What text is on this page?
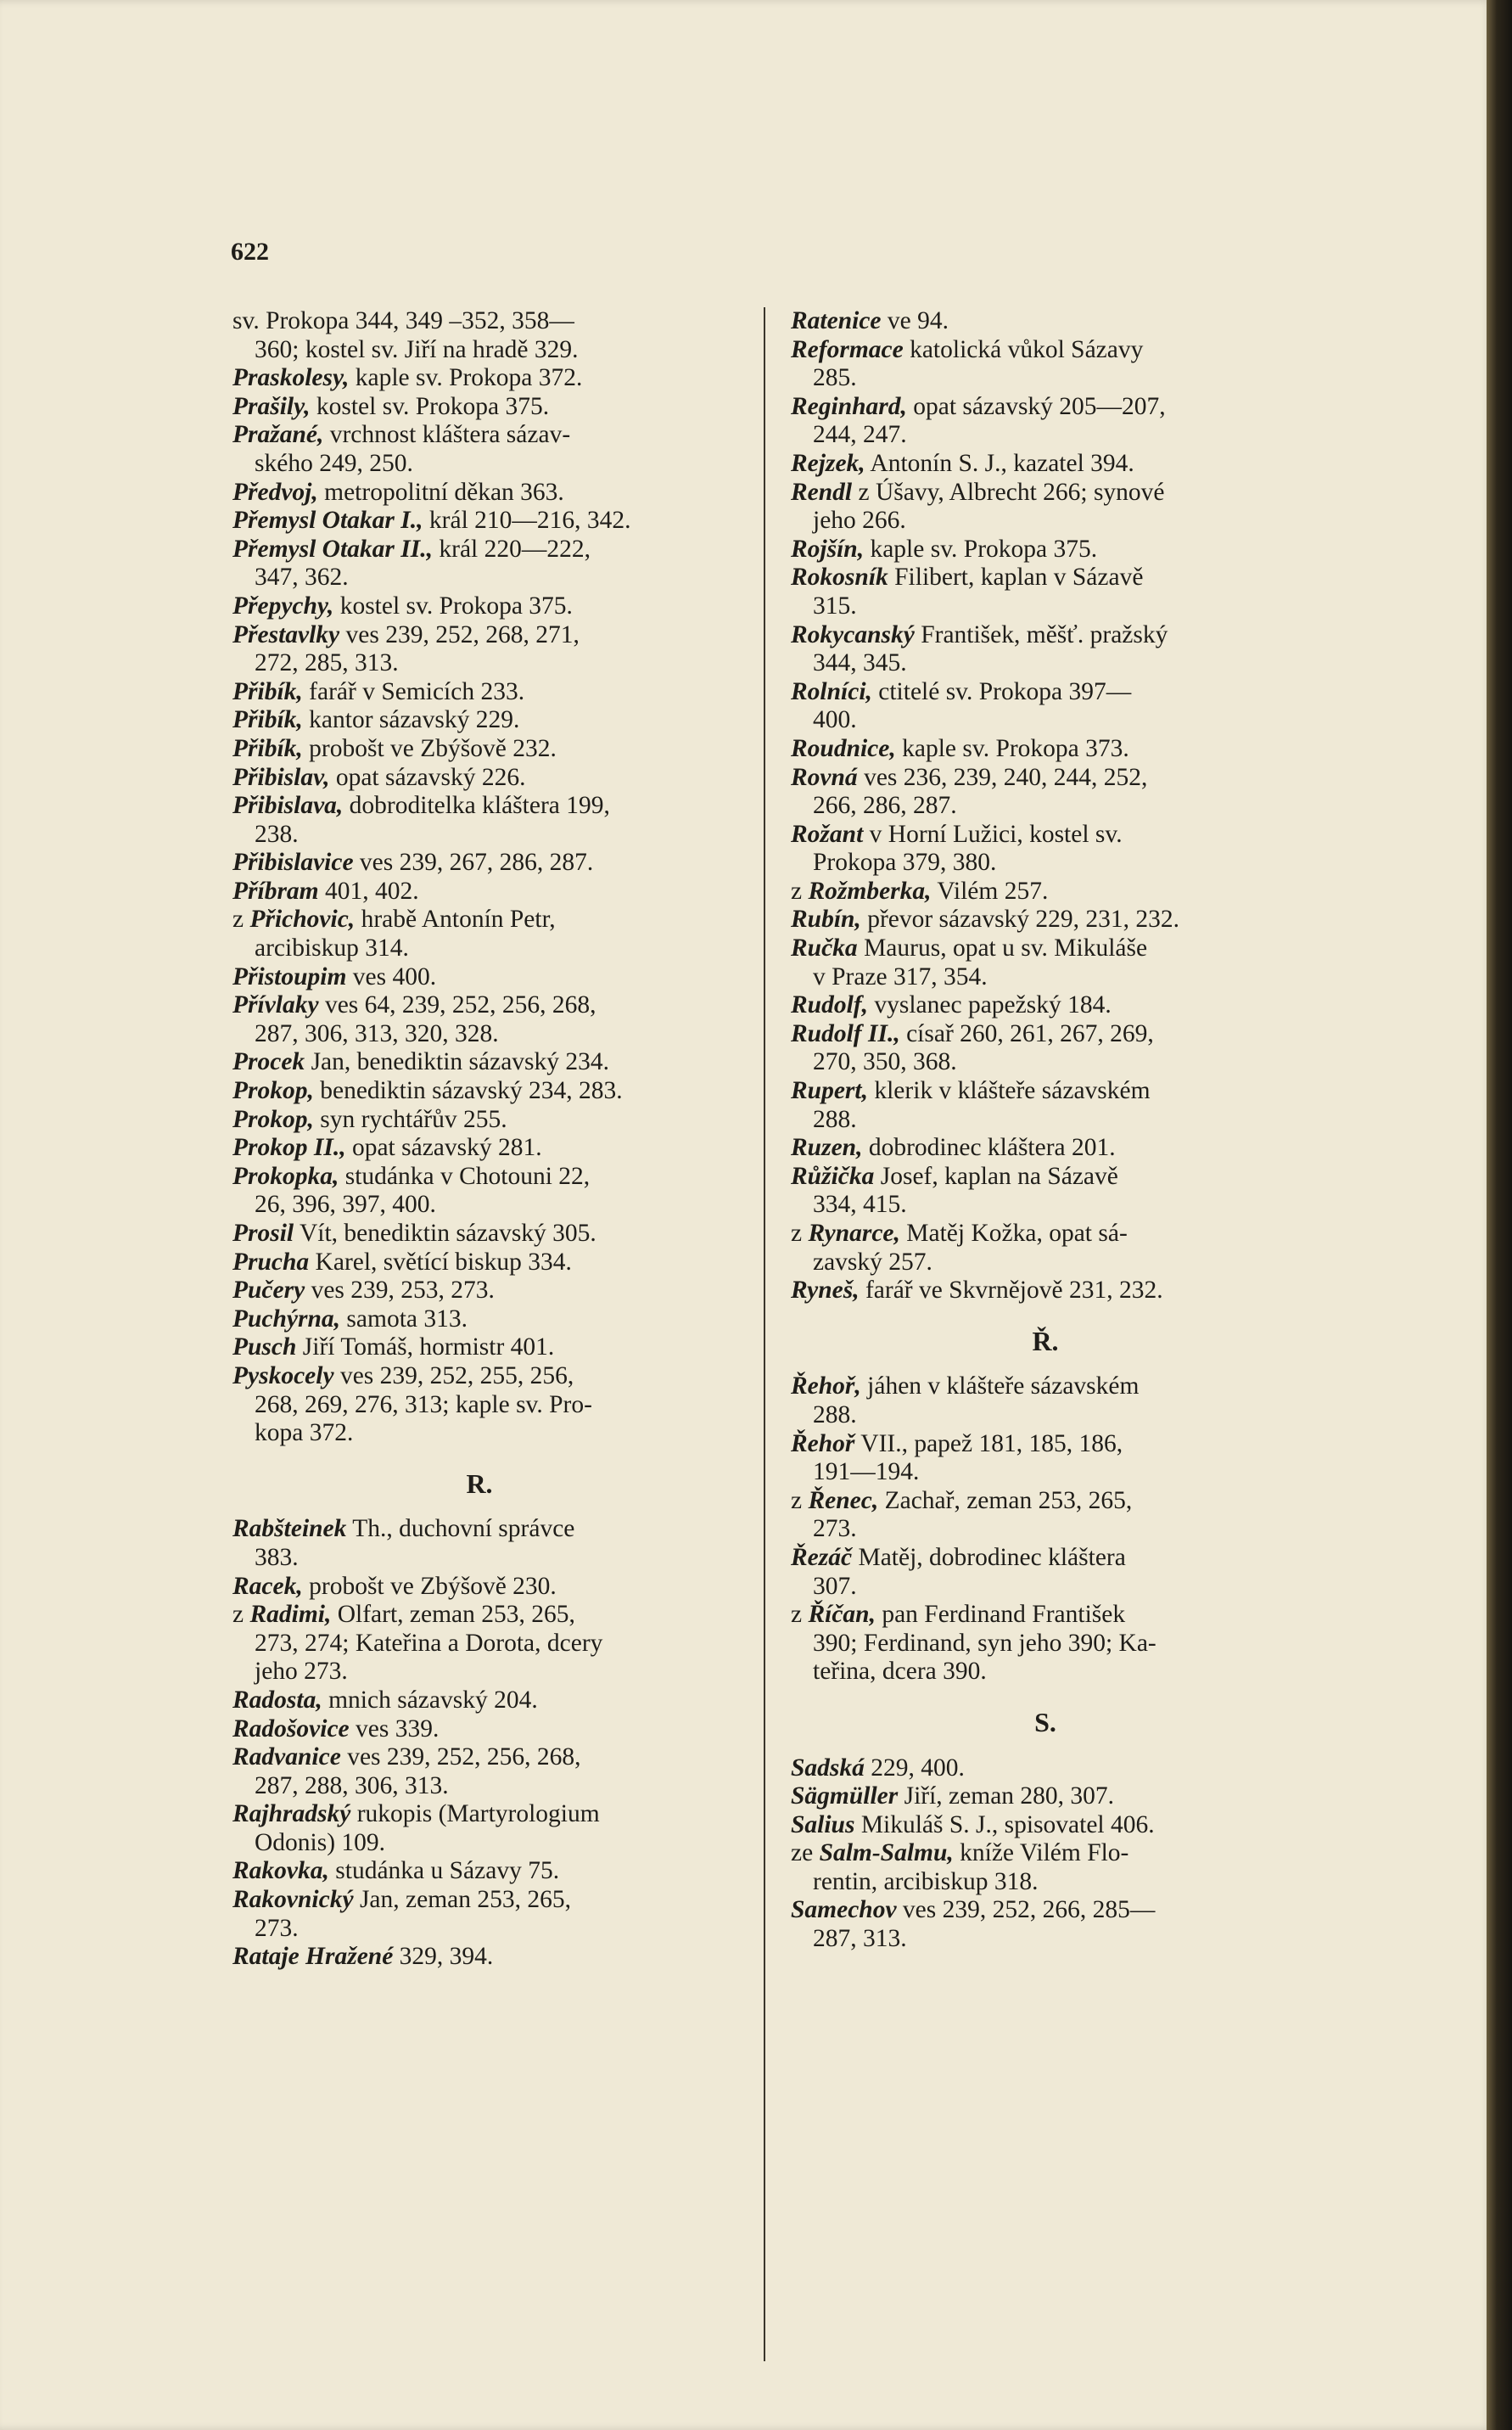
622
sv. Prokopa 344, 349 –352, 358—
360; kostel sv. Jiří na hradě 329.
Praskolesy, kaple sv. Prokopa 372.
Prašily, kostel sv. Prokopa 375.
Pražané, vrchnost kláštera sázav-
ského 249, 250.
Předvoj, metropolitní děkan 363.
Přemysl Otakar I., král 210—216, 342.
Přemysl Otakar II., král 220—222,
347, 362.
Přepychy, kostel sv. Prokopa 375.
Přestavlky ves 239, 252, 268, 271,
272, 285, 313.
Přibík, farář v Semicích 233.
Přibík, kantor sázavský 229.
Přibík, probošt ve Zbýšově 232.
Přibislav, opat sázavský 226.
Přibislava, dobroditelka kláštera 199,
238.
Přibislavice ves 239, 267, 286, 287.
Příbram 401, 402.
z Přichovic, hrabě Antonín Petr,
arcibiskup 314.
Přistoupim ves 400.
Přívlaky ves 64, 239, 252, 256, 268,
287, 306, 313, 320, 328.
Procek Jan, benediktin sázavský 234.
Prokop, benediktin sázavský 234, 283.
Prokop, syn rychtářův 255.
Prokop II., opat sázavský 281.
Prokopka, studánka v Chotouni 22,
26, 396, 397, 400.
Prosil Vít, benediktin sázavský 305.
Prucha Karel, světící biskup 334.
Pučery ves 239, 253, 273.
Puchýrna, samota 313.
Pusch Jiří Tomáš, hormistr 401.
Pyskocely ves 239, 252, 255, 256,
268, 269, 276, 313; kaple sv. Pro-
kopa 372.
R.
Rabšteinek Th., duchovní správce
383.
Racek, probošt ve Zbýšově 230.
z Radimi, Olfart, zeman 253, 265,
273, 274; Kateřina a Dorota, dcery
jeho 273.
Radosta, mnich sázavský 204.
Radošovice ves 339.
Radvanice ves 239, 252, 256, 268,
287, 288, 306, 313.
Rajhradský rukopis (Martyrologium
Odonis) 109.
Rakovka, studánka u Sázavy 75.
Rakovnický Jan, zeman 253, 265,
273.
Rataje Hražené 329, 394.
Ratenice ve 94.
Reformace katolická vůkol Sázavy
285.
Reginhard, opat sázavský 205—207,
244, 247.
Rejzek, Antonín S. J., kazatel 394.
Rendl z Úšavy, Albrecht 266; synové
jeho 266.
Rojšín, kaple sv. Prokopa 375.
Rokosník Filibert, kaplan v Sázavě
315.
Rokycanský František, měšť. pražský
344, 345.
Rolníci, ctitelé sv. Prokopa 397—
400.
Roudnice, kaple sv. Prokopa 373.
Rovná ves 236, 239, 240, 244, 252,
266, 286, 287.
Rožant v Horní Lužici, kostel sv.
Prokopa 379, 380.
z Rožmberka, Vilém 257.
Rubín, převor sázavský 229, 231, 232.
Ručka Maurus, opat u sv. Mikuláše
v Praze 317, 354.
Rudolf, vyslanec papežský 184.
Rudolf II., císař 260, 261, 267, 269,
270, 350, 368.
Rupert, klerik v klášteře sázavském
288.
Ruzen, dobrodinec kláštera 201.
Růžička Josef, kaplan na Sázavě
334, 415.
z Rynarce, Matěj Kožka, opat sá-
zavský 257.
Ryneš, farář ve Skvrnějově 231, 232.
Ř.
Řehoř, jáhen v klášteře sázavském
288.
Řehoř VII., papež 181, 185, 186,
191—194.
z Řenec, Zachař, zeman 253, 265,
273.
Řezáč Matěj, dobrodinec kláštera
307.
z Říčan, pan Ferdinand František
390; Ferdinand, syn jeho 390; Ka-
teřina, dcera 390.
S.
Sadská 229, 400.
Sägmüller Jiří, zeman 280, 307.
Salius Mikuláš S. J., spisovatel 406.
ze Salm-Salmu, kníže Vilém Flo-
rentin, arcibiskup 318.
Samechov ves 239, 252, 266, 285—
287, 313.
